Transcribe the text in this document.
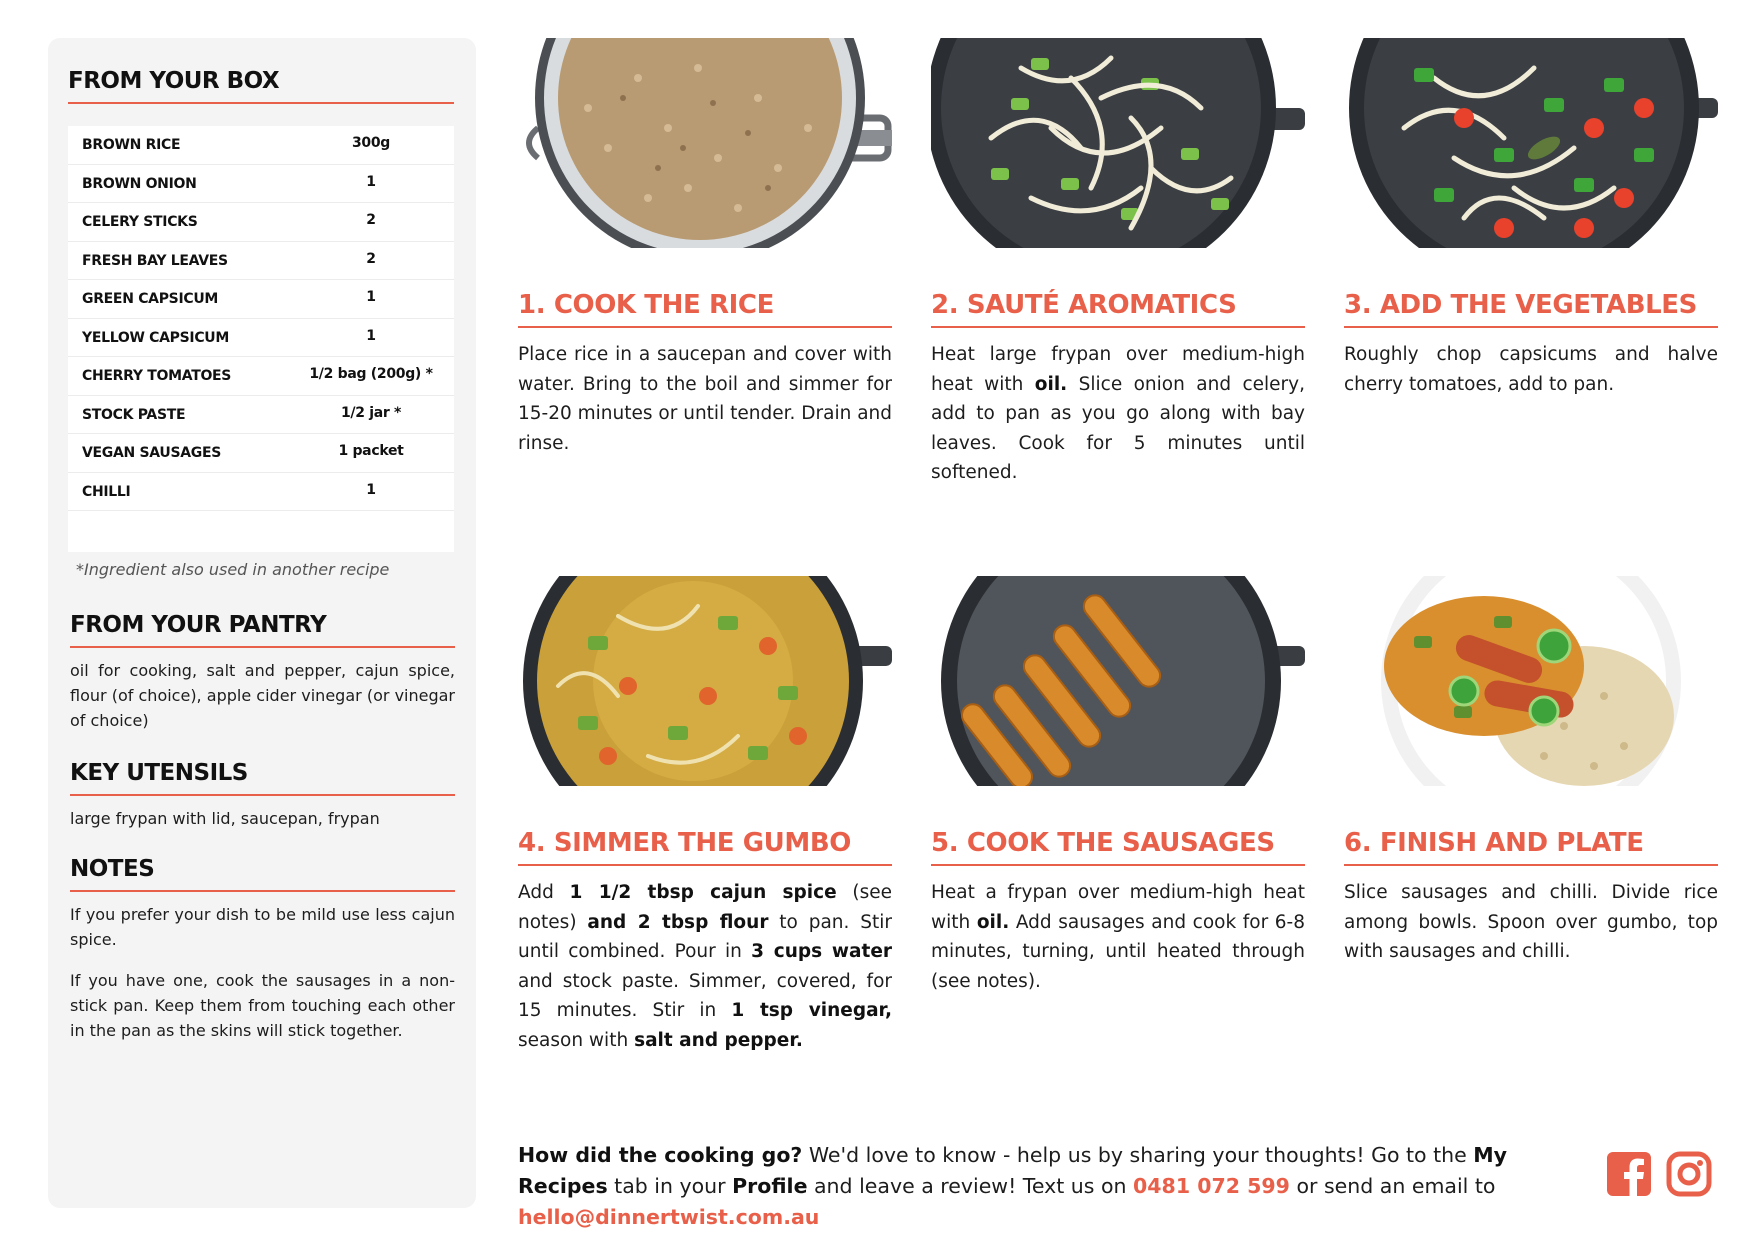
FROM YOUR BOX
BROWN RICE	300g
BROWN ONION	1
CELERY STICKS	2
FRESH BAY LEAVES	2
GREEN CAPSICUM	1
YELLOW CAPSICUM	1
CHERRY TOMATOES	1/2 bag (200g) *
STOCK PASTE	1/2 jar *
VEGAN SAUSAGES	1 packet
CHILLI	1
*Ingredient also used in another recipe
FROM YOUR PANTRY
oil for cooking, salt and pepper, cajun spice, flour (of choice), apple cider vinegar (or vinegar of choice)
KEY UTENSILS
large frypan with lid, saucepan, frypan
NOTES
If you prefer your dish to be mild use less cajun spice.
If you have one, cook the sausages in a non-stick pan. Keep them from touching each other in the pan as the skins will stick together.
1. COOK THE RICE
Place rice in a saucepan and cover with water. Bring to the boil and simmer for 15-20 minutes or until tender. Drain and rinse.
2. SAUTÉ AROMATICS
Heat large frypan over medium-high heat with oil. Slice onion and celery, add to pan as you go along with bay leaves. Cook for 5 minutes until softened.
3. ADD THE VEGETABLES
Roughly chop capsicums and halve cherry tomatoes, add to pan.
4. SIMMER THE GUMBO
Add 1 1/2 tbsp cajun spice (see notes) and 2 tbsp flour to pan. Stir until combined. Pour in 3 cups water and stock paste. Simmer, covered, for 15 minutes. Stir in 1 tsp vinegar, season with salt and pepper.
5. COOK THE SAUSAGES
Heat a frypan over medium-high heat with oil. Add sausages and cook for 6-8 minutes, turning, until heated through (see notes).
6. FINISH AND PLATE
Slice sausages and chilli. Divide rice among bowls. Spoon over gumbo, top with sausages and chilli.
How did the cooking go? We'd love to know - help us by sharing your thoughts! Go to the My Recipes tab in your Profile and leave a review! Text us on 0481 072 599 or send an email to hello@dinnertwist.com.au
